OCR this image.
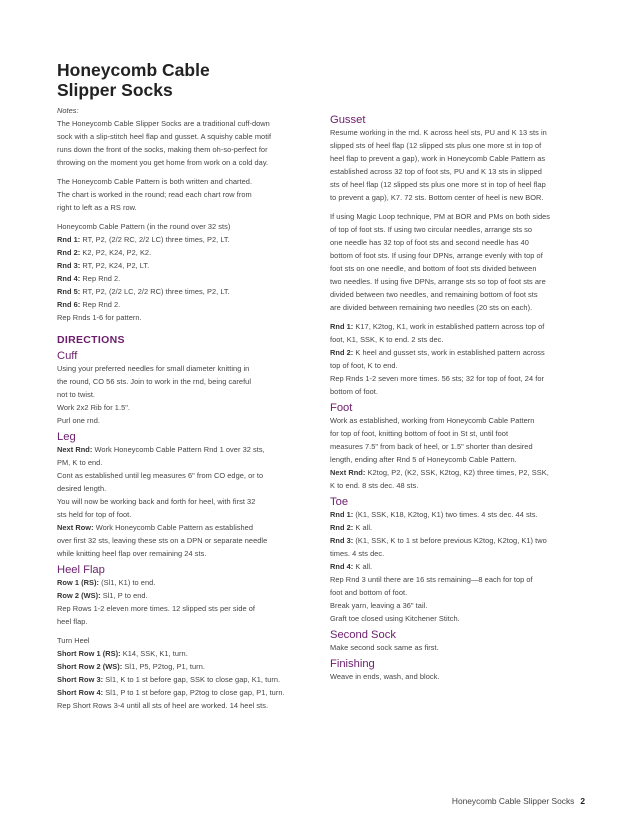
Honeycomb Cable
Slipper Socks
Notes:
The Honeycomb Cable Slipper Socks are a traditional cuff-down
sock with a slip-stitch heel flap and gusset. A squishy cable motif
runs down the front of the socks, making them oh-so-perfect for
throwing on the moment you get home from work on a cold day.
The Honeycomb Cable Pattern is both written and charted.
The chart is worked in the round; read each chart row from
right to left as a RS row.
Honeycomb Cable Pattern (in the round over 32 sts)
Rnd 1: RT, P2, (2/2 RC, 2/2 LC) three times, P2, LT.
Rnd 2: K2, P2, K24, P2, K2.
Rnd 3: RT, P2, K24, P2, LT.
Rnd 4: Rep Rnd 2.
Rnd 5: RT, P2, (2/2 LC, 2/2 RC) three times, P2, LT.
Rnd 6: Rep Rnd 2.
Rep Rnds 1-6 for pattern.
DIRECTIONS
Cuff
Using your preferred needles for small diameter knitting in
the round, CO 56 sts. Join to work in the rnd, being careful
not to twist.
Work 2x2 Rib for 1.5".
Purl one rnd.
Leg
Next Rnd: Work Honeycomb Cable Pattern Rnd 1 over 32 sts,
PM, K to end.
Cont as established until leg measures 6" from CO edge, or to
desired length.
You will now be working back and forth for heel, with first 32
sts held for top of foot.
Next Row: Work Honeycomb Cable Pattern as established
over first 32 sts, leaving these sts on a DPN or separate needle
while knitting heel flap over remaining 24 sts.
Heel Flap
Row 1 (RS): (Sl1, K1) to end.
Row 2 (WS): Sl1, P to end.
Rep Rows 1-2 eleven more times. 12 slipped sts per side of
heel flap.
Turn Heel
Short Row 1 (RS): K14, SSK, K1, turn.
Short Row 2 (WS): Sl1, P5, P2tog, P1, turn.
Short Row 3: Sl1, K to 1 st before gap, SSK to close gap, K1, turn.
Short Row 4: Sl1, P to 1 st before gap, P2tog to close gap, P1, turn.
Rep Short Rows 3-4 until all sts of heel are worked. 14 heel sts.
Gusset
Resume working in the rnd. K across heel sts, PU and K 13 sts in
slipped sts of heel flap (12 slipped sts plus one more st in top of
heel flap to prevent a gap), work in Honeycomb Cable Pattern as
established across 32 top of foot sts, PU and K 13 sts in slipped
sts of heel flap (12 slipped sts plus one more st in top of heel flap
to prevent a gap), K7. 72 sts. Bottom center of heel is new BOR.
If using Magic Loop technique, PM at BOR and PMs on both sides
of top of foot sts. If using two circular needles, arrange sts so
one needle has 32 top of foot sts and second needle has 40
bottom of foot sts. If using four DPNs, arrange evenly with top of
foot sts on one needle, and bottom of foot sts divided between
two needles. If using five DPNs, arrange sts so top of foot sts are
divided between two needles, and remaining bottom of foot sts
are divided between remaining two needles (20 sts on each).
Rnd 1: K17, K2tog, K1, work in established pattern across top of
foot, K1, SSK, K to end. 2 sts dec.
Rnd 2: K heel and gusset sts, work in established pattern across
top of foot, K to end.
Rep Rnds 1-2 seven more times. 56 sts; 32 for top of foot, 24 for
bottom of foot.
Foot
Work as established, working from Honeycomb Cable Pattern
for top of foot, knitting bottom of foot in St st, until foot
measures 7.5" from back of heel, or 1.5" shorter than desired
length, ending after Rnd 5 of Honeycomb Cable Pattern.
Next Rnd: K2tog, P2, (K2, SSK, K2tog, K2) three times, P2, SSK,
K to end. 8 sts dec. 48 sts.
Toe
Rnd 1: (K1, SSK, K18, K2tog, K1) two times. 4 sts dec. 44 sts.
Rnd 2: K all.
Rnd 3: (K1, SSK, K to 1 st before previous K2tog, K2tog, K1) two
times. 4 sts dec.
Rnd 4: K all.
Rep Rnd 3 until there are 16 sts remaining—8 each for top of
foot and bottom of foot.
Break yarn, leaving a 36" tail.
Graft toe closed using Kitchener Stitch.
Second Sock
Make second sock same as first.
Finishing
Weave in ends, wash, and block.
Honeycomb Cable Slipper Socks 2
